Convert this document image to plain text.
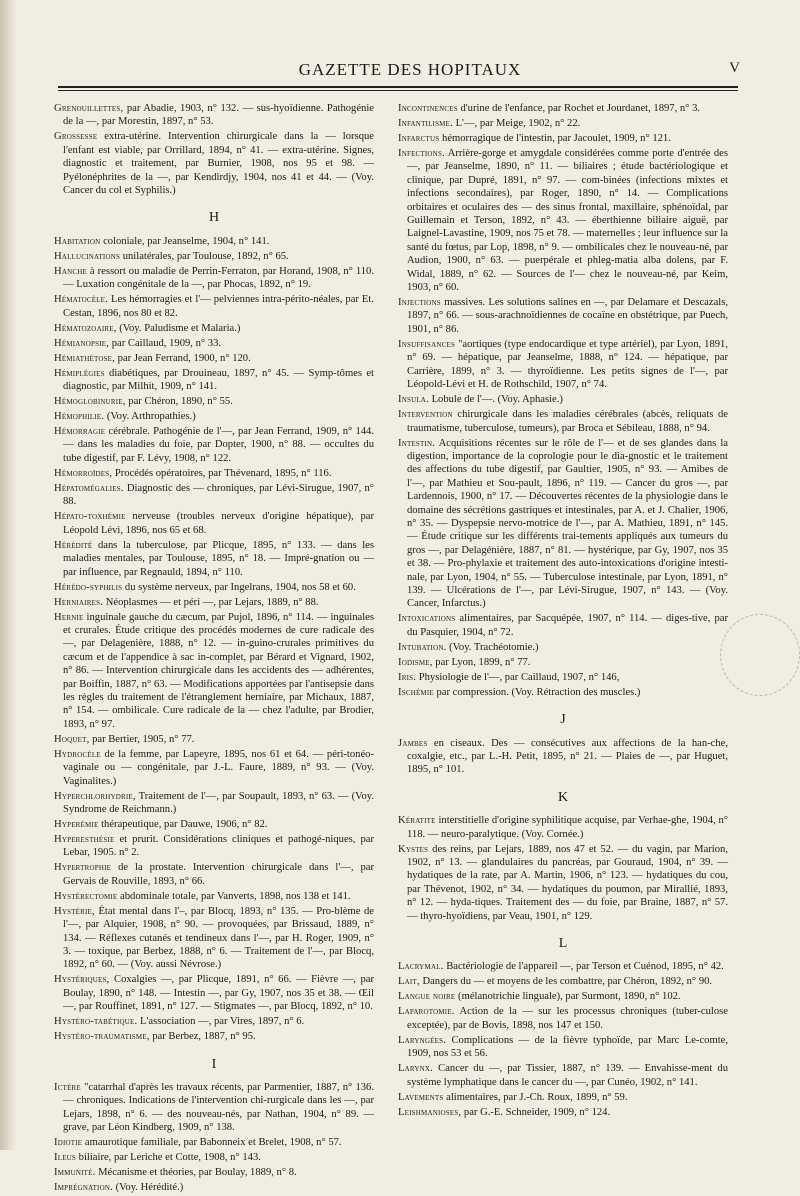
GAZETTE DES HOPITAUX	V

Grenouillettes, par Abadie, 1903, n° 132. — sus-hyoïdienne. Pathogénie de la —, par Morestin, 1897, n° 53.

Grossesse extra-utérine. Intervention chirurgicale dans la — lorsque l'enfant est viable, par Orrillard, 1894, n° 41. — extra-utérine. Signes, diagnostic et traitement, par Burnier, 1908, nos 95 et 98. — Pyélonéphrites de la —, par Kendirdjy, 1904, nos 41 et 44. — (Voy. Cancer du col et Syphilis.)

H

Habitation coloniale, par Jeanselme, 1904, n° 141.

Hallucinations unilatérales, par Toulouse, 1892, n° 65.

Hanche à ressort ou maladie de Perrin-Ferraton, par Horand, 1908, n° 110. — Luxation congénitale de la —, par Phocas, 1892, n° 19.

Hématocèle. Les hémorragies et l'— pelviennes intra-périto-néales, par Et. Cestan, 1896, nos 80 et 82.

Hématozoaire, (Voy. Paludisme et Malaria.)

Hémianopsie, par Caillaud, 1909, n° 33.

Hémiathétose, par Jean Ferrand, 1900, n° 120.

Hémiplégies diabétiques, par Drouineau, 1897, n° 45. — Symp-tômes et diagnostic, par Milhit, 1909, n° 141.

Hémoglobinurie, par Chéron, 1890, n° 55.

Hémophilie. (Voy. Arthropathies.)

Hémorragie cérébrale. Pathogénie de l'—, par Jean Ferrand, 1909, n° 144. — dans les maladies du foie, par Dopter, 1900, n° 88. — occultes du tube digestif, par F. Lévy, 1908, n° 122.

Hémorroïdes, Procédés opératoires, par Thévenard, 1895, n° 116.

Hépatomégalies. Diagnostic des — chroniques, par Lévi-Sirugue, 1907, n° 88.

Hépato-toxhémie nerveuse (troubles nerveux d'origine hépatique), par Léopold Lévi, 1896, nos 65 et 68.

Hérédité dans la tuberculose, par Plicque, 1895, n° 133. — dans les maladies mentales, par Toulouse, 1895, n° 18. — Impré-gnation ou — par influence, par Regnauld, 1894, n° 110.

Hérédo-syphilis du système nerveux, par Ingelrans, 1904, nos 58 et 60.

Herniaires. Néoplasmes — et péri —, par Lejars, 1889, n° 88.

Hernie inguinale gauche du cæcum, par Pujol, 1896, n° 114. — inguinales et crurales. Étude critique des procédés modernes de cure radicale des —, par Delagenière, 1888, n° 12. — in-guino-crurales primitives du cæcum et de l'appendice à sac in-complet, par Bérard et Vignard, 1902, n° 86. — Intervention chirurgicale dans les accidents des — adhérentes, par Boiffin, 1887, n° 63. — Modifications apportées par l'antisepsie dans les règles du traitement de l'étranglement herniaire, par Michaux, 1887, n° 154. — ombilicale. Cure radicale de la — chez l'adulte, par Brodier, 1893, n° 97.

Hoquet, par Bertier, 1905, n° 77.

Hydrocèle de la femme, par Lapeyre, 1895, nos 61 et 64. — péri-tonéo-vaginale ou — congénitale, par J.-L. Faure, 1889, n° 93. — (Voy. Vaginalites.)

Hyperchlorhydrie, Traitement de l'—, par Soupault, 1893, n° 63. — (Voy. Syndrome de Reichmann.)

Hyperémie thérapeutique, par Dauwe, 1906, n° 82.

Hyperesthésie et prurit. Considérations cliniques et pathogé-niques, par Lebar, 1905. n° 2.

Hypertrophie de la prostate. Intervention chirurgicale dans l'—, par Gervais de Rouville, 1893, n° 66.

Hystérectomie abdominale totale, par Vanverts, 1898, nos 138 et 141.

Hystérie, État mental dans l'–, par Blocq, 1893, n° 135. — Pro-blème de l'—, par Alquier, 1908, n° 90. — provoquées, par Brissaud, 1889, n° 134. — Réflexes cutanés et tendineux dans l'—, par H. Roger, 1909, n° 3. — toxique, par Berbez, 1888, n° 6. — Traitement de l'—, par Blocq, 1892, n° 60. — (Voy. aussi Névrose.)

Hystériques, Coxalgies —, par Plicque, 1891, n° 66. — Fièvre —, par Boulay, 1890, n° 148. — Intestin —, par Gy, 1907, nos 35 et 38. — Œil —, par Rouffinet, 1891, n° 127. — Stigmates —, par Blocq, 1892, n° 10.

Hystéro-tabétique. L'association —, par Vires, 1897, n° 6.

Hystéro-traumatisme, par Berbez, 1887, n° 95.

I

Ictère "catarrhal d'après les travaux récents, par Parmentier, 1887, n° 136. — chroniques. Indications de l'intervention chi-rurgicale dans les —, par Lejars, 1898, n° 6. — des nouveau-nés, par Nathan, 1904, n° 89. — grave, par Léon Kindberg, 1909, n° 138.

Idiotie amaurotique familiale, par Babonneix et Brelet, 1908, n° 57.

Ileus biliaire, par Leriche et Cotte, 1908, n° 143.

Immunité. Mécanisme et théories, par Boulay, 1889, n° 8.

Imprégnation. (Voy. Hérédité.)

Incontinences d'urine de l'enfance, par Rochet et Jourdanet, 1897, n° 3.

Infantilisme. L'—, par Meige, 1902, n° 22.

Infarctus hémorragique de l'intestin, par Jacoulet, 1909, n° 121.

Infections. Arrière-gorge et amygdale considérées comme porte d'entrée des —, par Jeanselme, 1890, n° 11. — biliaires ; étude bactériologique et clinique, par Dupré, 1891, n° 97. — com-binées (infections mixtes et infections secondaires), par Roger, 1890, n° 14. — Complications orbitaires et oculaires des — des sinus frontal, maxillaire, sphénoïdal, par Guillemain et Terson, 1892, n° 43. — éberthienne biliaire aiguë, par Laignel-Lavastine, 1909, nos 75 et 78. — maternelles ; leur influence sur la santé du fœtus, par Lop, 1898, n° 9. — ombilicales chez le nouveau-né, par Audion, 1900, n° 63. — puerpérale et phleg-matia alba dolens, par F. Widal, 1889, n° 62. — Sources de l'— chez le nouveau-né, par Keim, 1903, n° 60.

Injections massives. Les solutions salines en —, par Delamare et Descazals, 1897, n° 66. — sous-arachnoïdiennes de cocaïne en obstétrique, par Puech, 1901, n° 86.

Insuffisances "aortiques (type endocardique et type artériel), par Lyon, 1891, n° 69. — hépatique, par Jeanselme, 1888, n° 124. — hépatique, par Carrière, 1899, n° 3. — thyroïdienne. Les petits signes de l'—, par Léopold-Lévi et H. de Rothschild, 1907, n° 74.

Insula. Lobule de l'—. (Voy. Aphasie.)

Intervention chirurgicale dans les maladies cérébrales (abcès, reliquats de traumatisme, tuberculose, tumeurs), par Broca et Sébileau, 1888, n° 94.

Intestin. Acquisitions récentes sur le rôle de l'— et de ses glandes dans la digestion, importance de la coprologie pour le dia-gnostic et le traitement des affections du tube digestif, par Gaultier, 1905, n° 93. — Amibes de l'—, par Mathieu et Sou-pault, 1896, n° 119. — Cancer du gros —, par Lardennois, 1900, n° 17. — Découvertes récentes de la physiologie dans le domaine des sécrétions gastriques et intestinales, par A. et J. Chalier, 1906, n° 35. — Dyspepsie nervo-motrice de l'—, par A. Mathieu, 1891, n° 145. — Étude critique sur les différents trai-tements appliqués aux tumeurs du gros —, par Delagénière, 1887, n° 81. — hystérique, par Gy, 1907, nos 35 et 38. — Pro-phylaxie et traitement des auto-intoxications d'origine intesti-nale, par Lyon, 1904, n° 55. — Tuberculose intestinale, par Lyon, 1891, n° 139. — Ulcérations de l'—, par Lévi-Sirugue, 1907, n° 143. — (Voy. Cancer, Infarctus.)

Intoxications alimentaires, par Sacquépée, 1907, n° 114. — diges-tive, par du Pasquier, 1904, n° 72.

Intubation. (Voy. Trachéotomie.)

Iodisme, par Lyon, 1899, n° 77.

Iris. Physiologie de l'—, par Caillaud, 1907, n° 146,

Ischémie par compression. (Voy. Rétraction des muscles.)

J

Jambes en ciseaux. Des — consécutives aux affections de la han-che, coxalgie, etc., par L.-H. Petit, 1895, n° 21. — Plaies de —, par Huguet, 1895, n° 101.

K

Kératite interstitielle d'origine syphilitique acquise, par Verhae-ghe, 1904, n° 118. — neuro-paralytique. (Voy. Cornée.)

Kystes des reins, par Lejars, 1889, nos 47 et 52. — du vagin, par Marion, 1902, n° 13. — glandulaires du pancréas, par Gouraud, 1904, n° 39. — hydatiques de la rate, par A. Martin, 1906, n° 123. — hydatiques du cou, par Thévenot, 1902, n° 34. — hydatiques du poumon, par Mirallié, 1893, n° 12. — hyda-tiques. Traitement des — du foie, par Braine, 1887, n° 57. — thyro-hyoïdiens, par Veau, 1901, n° 129.

L

Lacrymal. Bactériologie de l'appareil —, par Terson et Cuénod, 1895, n° 42.

Lait, Dangers du — et moyens de les combattre, par Chéron, 1892, n° 90.

Langue noire (mélanotrichie linguale), par Surmont, 1890, n° 102.

Laparotomie. Action de la — sur les processus chroniques (tuber-culose exceptée), par de Bovis, 1898, nos 147 et 150.

Laryngées. Complications — de la fièvre typhoïde, par Marc Le-comte, 1909, nos 53 et 56.

Larynx. Cancer du —, par Tissier, 1887, n° 139. — Envahisse-ment du système lymphatique dans le cancer du —, par Cunéo, 1902, n° 141.

Lavements alimentaires, par J.-Ch. Roux, 1899, n° 59.

Leishmanioses, par G.-E. Schneider, 1909, n° 124.
